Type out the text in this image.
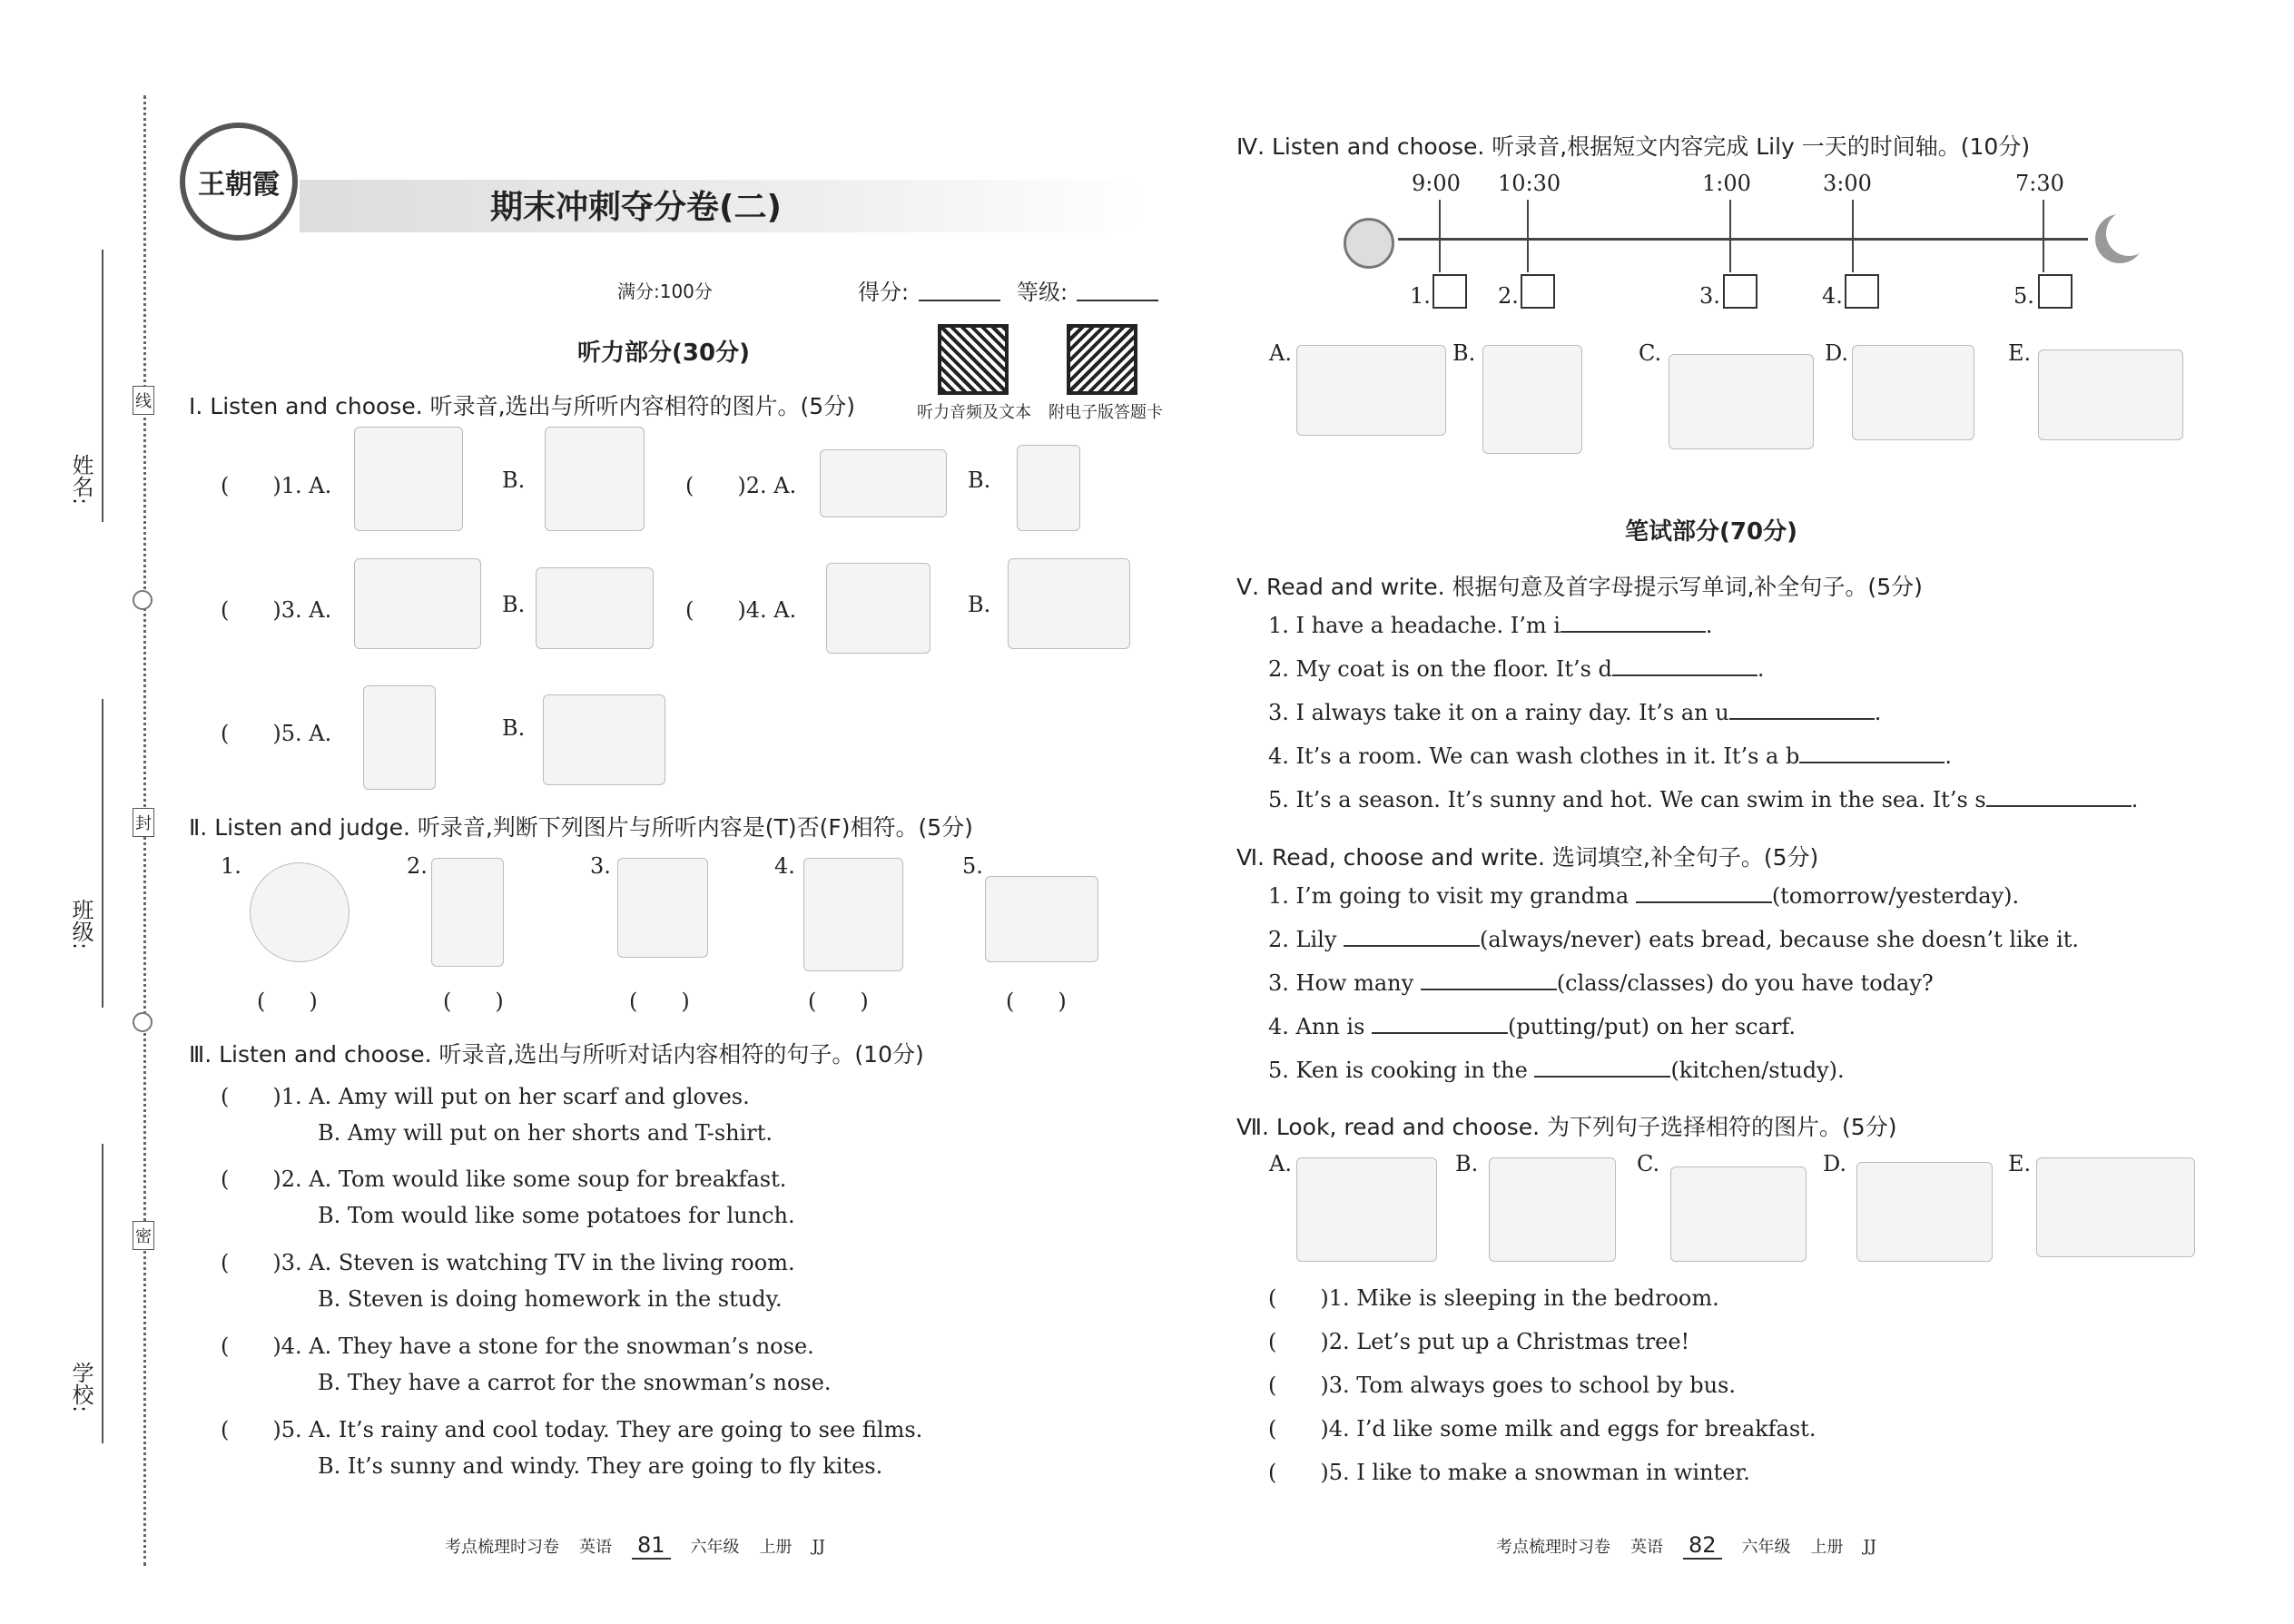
姓名:
班级:
学校:
线
封
密
王朝霞
期末冲刺夺分卷(二)
满分:100分	得分:	等级:
听力部分(30分)
听力音频及文本 附电子版答题卡
Ⅰ. Listen and choose. 听录音,选出与所听内容相符的图片。(5分)
(　　)1. A.	B.	(　　)2. A.	B.
(　　)3. A.	B.	(　　)4. A.	B.
(　　)5. A.	B.
Ⅱ. Listen and judge. 听录音,判断下列图片与所听内容是(T)否(F)相符。(5分)
1.	2.	3.	4.	5.
(　　)	(　　)	(　　)	(　　)	(　　)
Ⅲ. Listen and choose. 听录音,选出与所听对话内容相符的句子。(10分)
(　　)1. A. Amy will put on her scarf and gloves.
B. Amy will put on her shorts and T-shirt.
(　　)2. A. Tom would like some soup for breakfast.
B. Tom would like some potatoes for lunch.
(　　)3. A. Steven is watching TV in the living room.
B. Steven is doing homework in the study.
(　　)4. A. They have a stone for the snowman’s nose.
B. They have a carrot for the snowman’s nose.
(　　)5. A. It’s rainy and cool today. They are going to see films.
B. It’s sunny and windy. They are going to fly kites.
考点梳理时习卷 英语 81	六年级 上册 JJ
Ⅳ. Listen and choose. 听录音,根据短文内容完成 Lily 一天的时间轴。(10分)
9:00 10:30	1:00	3:00	7:30
1.	2.	3.	4.	5.
A.	B.	C.	D.	E.
笔试部分(70分)
Ⅴ. Read and write. 根据句意及首字母提示写单词,补全句子。(5分)
1. I have a headache. I’m i	.
2. My coat is on the floor. It’s d	.
3. I always take it on a rainy day. It’s an u	.
4. It’s a room. We can wash clothes in it. It’s a b	.
5. It’s a season. It’s sunny and hot. We can swim in the sea. It’s s	.
Ⅵ. Read, choose and write. 选词填空,补全句子。(5分)
1. I’m going to visit my grandma	(tomorrow/yesterday).
2. Lily	(always/never) eats bread, because she doesn’t like it.
3. How many	(class/classes) do you have today?
4. Ann is	(putting/put) on her scarf.
5. Ken is cooking in the	(kitchen/study).
Ⅶ. Look, read and choose. 为下列句子选择相符的图片。(5分)
A.	B.	C.	D.	E.
(　　)1. Mike is sleeping in the bedroom.
(　　)2. Let’s put up a Christmas tree!
(　　)3. Tom always goes to school by bus.
(　　)4. I’d like some milk and eggs for breakfast.
(　　)5. I like to make a snowman in winter.
考点梳理时习卷 英语 82	六年级 上册 JJ
